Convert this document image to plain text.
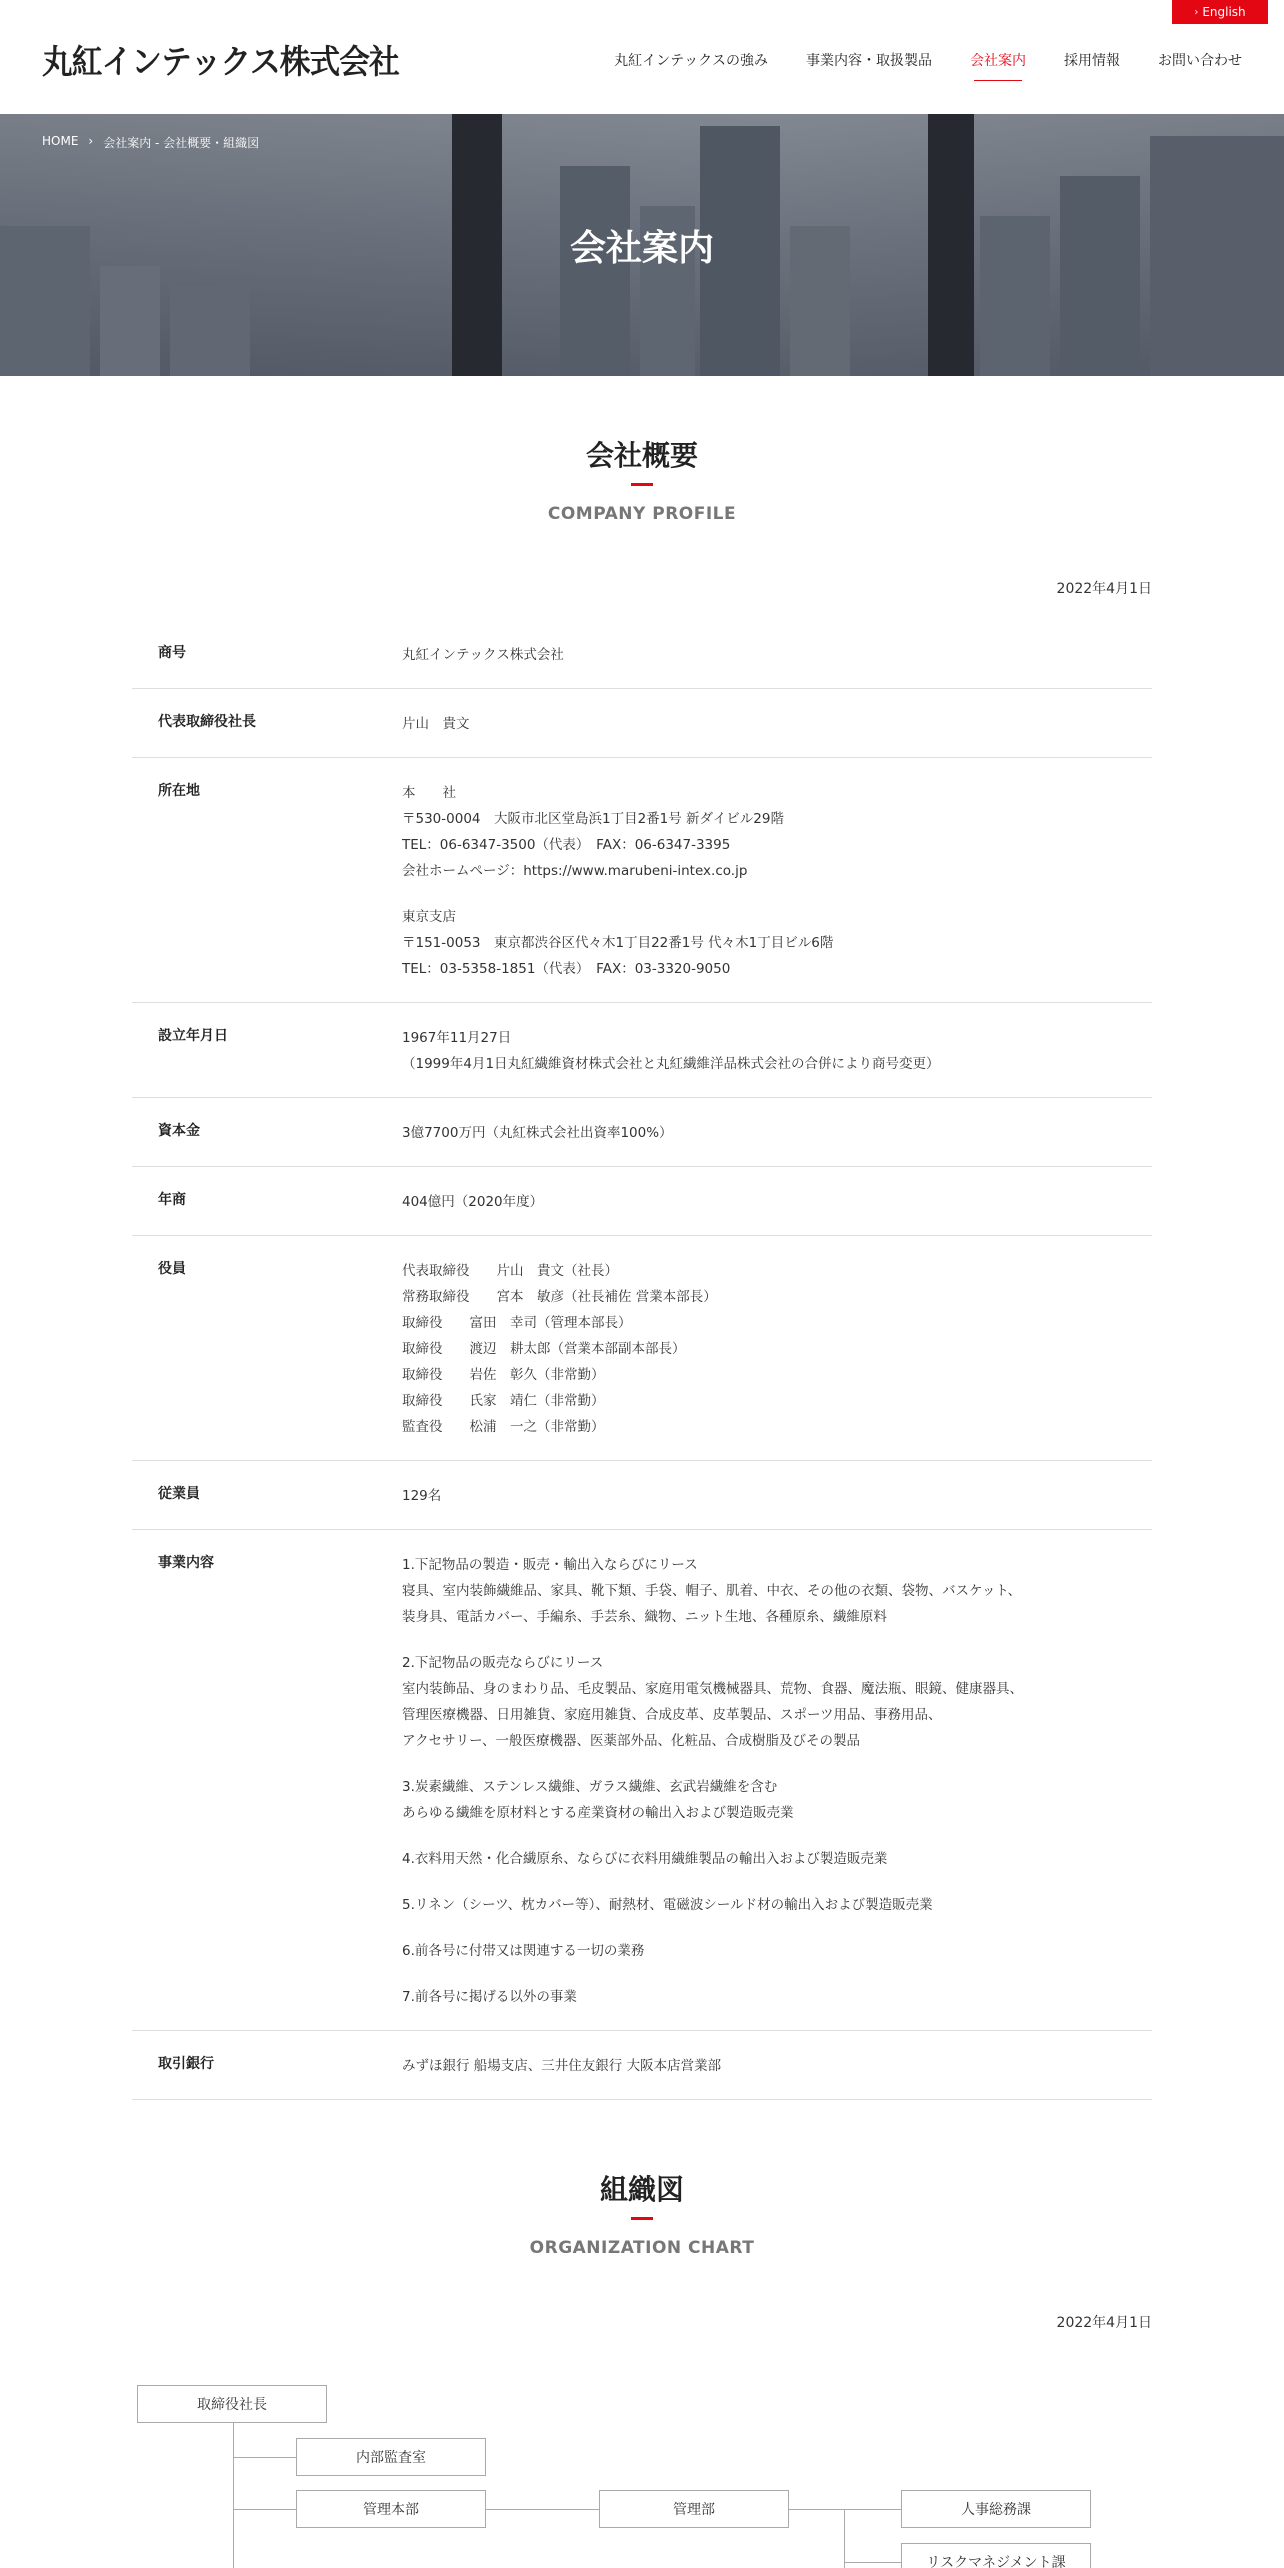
› English
丸紅インテックス株式会社	丸紅インテックスの強み	事業内容・取扱製品	会社案内	採用情報	お問い合わせ
HOME › 会社案内 - 会社概要・組織図
会社案内
会社概要
COMPANY PROFILE
2022年4月1日
商号	丸紅インテックス株式会社
代表取締役社長	片山　貴文
所在地	本　　社
〒530-0004　大阪市北区堂島浜1丁目2番1号 新ダイビル29階
TEL：06-6347-3500（代表）　FAX：06-6347-3395
会社ホームページ：https://www.marubeni-intex.co.jp
東京支店
〒151-0053　東京都渋谷区代々木1丁目22番1号 代々木1丁目ビル6階
TEL：03-5358-1851（代表）　FAX：03-3320-9050
設立年月日	1967年11月27日
（1999年4月1日丸紅繊維資材株式会社と丸紅繊維洋品株式会社の合併により商号変更）
資本金	3億7700万円（丸紅株式会社出資率100%）
年商	404億円（2020年度）
役員	代表取締役　　片山　貴文（社長）
常務取締役　　宮本　敏彦（社長補佐 営業本部長）
取締役　　富田　幸司（管理本部長）
取締役　　渡辺　耕太郎（営業本部副本部長）
取締役　　岩佐　彰久（非常勤）
取締役　　氏家　靖仁（非常勤）
監査役　　松浦　一之（非常勤）
従業員	129名
事業内容	1.下記物品の製造・販売・輸出入ならびにリース
寝具、室内装飾繊維品、家具、靴下類、手袋、帽子、肌着、中衣、その他の衣類、袋物、バスケット、
装身具、電話カバー、手編糸、手芸糸、織物、ニット生地、各種原糸、繊維原料
2.下記物品の販売ならびにリース
室内装飾品、身のまわり品、毛皮製品、家庭用電気機械器具、荒物、食器、魔法瓶、眼鏡、健康器具、
管理医療機器、日用雑貨、家庭用雑貨、合成皮革、皮革製品、スポーツ用品、事務用品、
アクセサリー、一般医療機器、医薬部外品、化粧品、合成樹脂及びその製品
3.炭素繊維、ステンレス繊維、ガラス繊維、玄武岩繊維を含む
あらゆる繊維を原材料とする産業資材の輸出入および製造販売業
4.衣料用天然・化合繊原糸、ならびに衣料用繊維製品の輸出入および製造販売業
5.リネン（シーツ、枕カバー等）、耐熱材、電磁波シールド材の輸出入および製造販売業
6.前各号に付帯又は関連する一切の業務
7.前各号に掲げる以外の事業
取引銀行	みずほ銀行 船場支店、三井住友銀行 大阪本店営業部
組織図
ORGANIZATION CHART
2022年4月1日
取締役社長
内部監査室
管理本部	管理部	人事総務課
リスクマネジメント課
